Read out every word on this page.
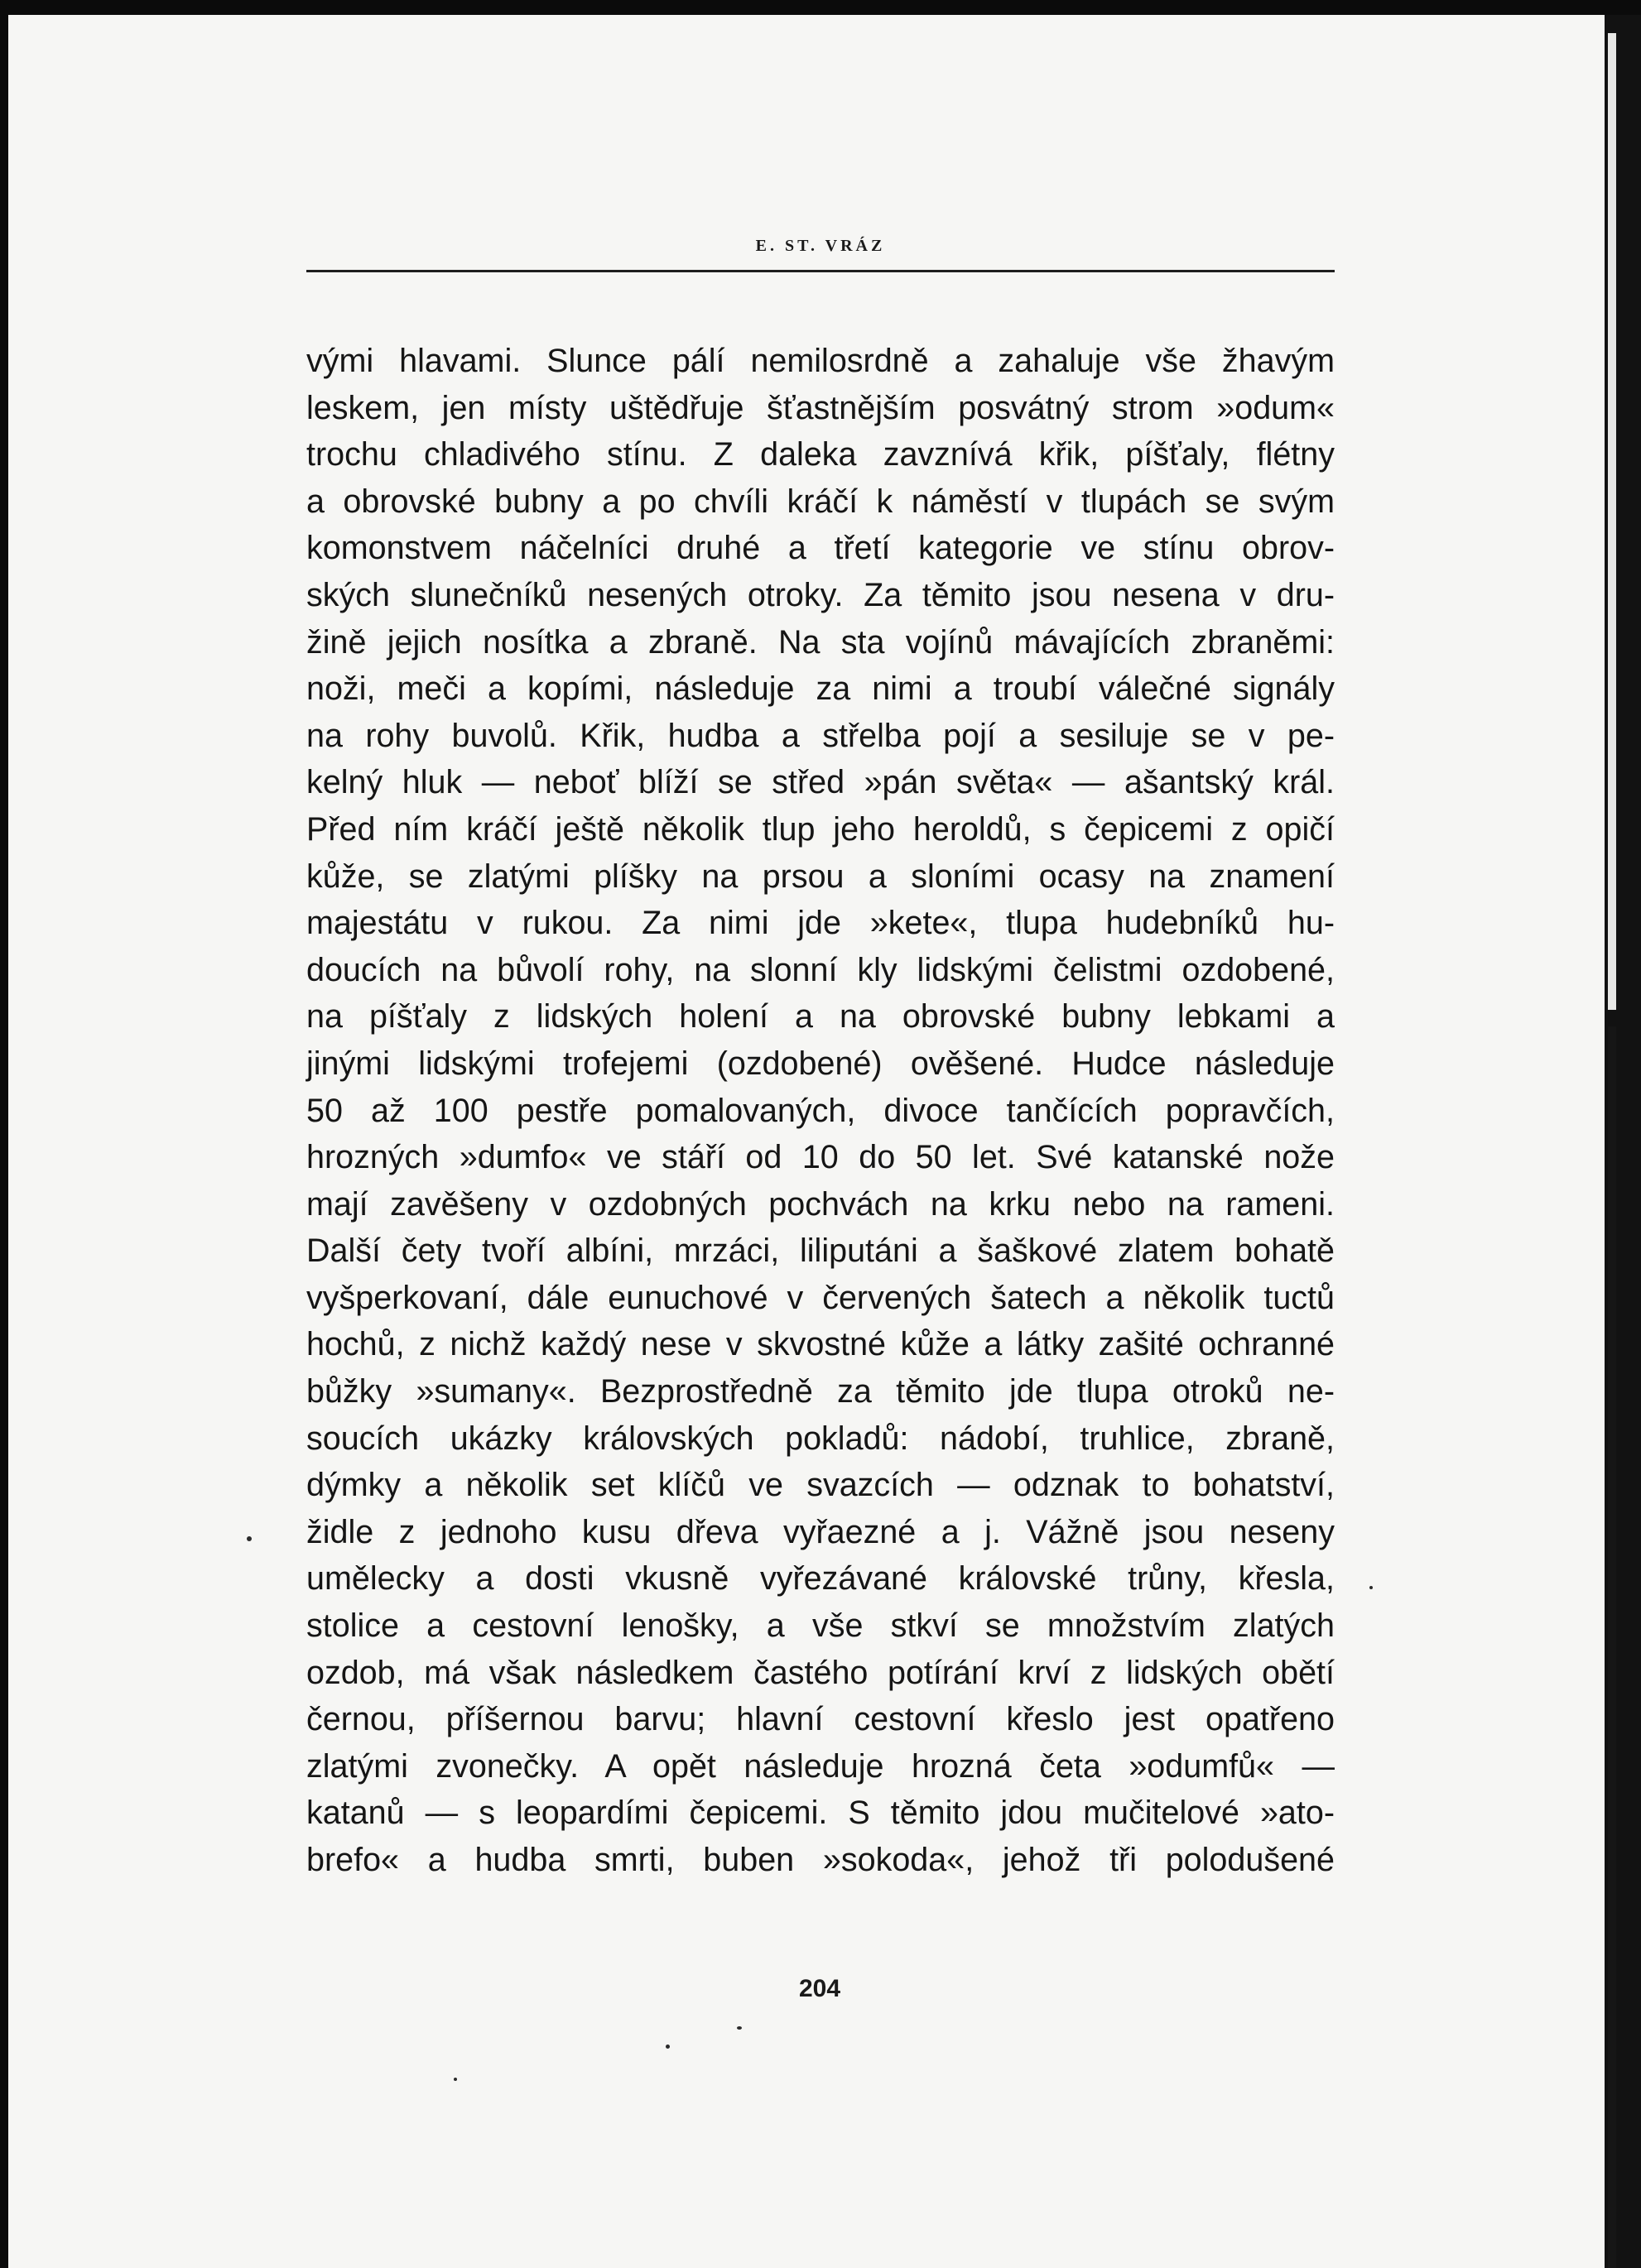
E. ST. VRÁZ
vými hlavami. Slunce pálí nemilosrdně a zahaluje vše žhavým
leskem, jen místy uštědřuje šťastnějším posvátný strom »odum«
trochu chladivého stínu. Z daleka zavznívá křik, píšťaly, flétny
a obrovské bubny a po chvíli kráčí k náměstí v tlupách se svým
komonstvem náčelníci druhé a třetí kategorie ve stínu obrov-
ských slunečníků nesených otroky. Za těmito jsou nesena v dru-
žině jejich nosítka a zbraně. Na sta vojínů mávajících zbraněmi:
noži, meči a kopími, následuje za nimi a troubí válečné signály
na rohy buvolů. Křik, hudba a střelba pojí a sesiluje se v pe-
kelný hluk — neboť blíží se střed »pán světa« — ašantský král.
Před ním kráčí ještě několik tlup jeho heroldů, s čepicemi z opičí
kůže, se zlatými plíšky na prsou a sloními ocasy na znamení
majestátu v rukou. Za nimi jde »kete«, tlupa hudebníků hu-
doucích na bůvolí rohy, na slonní kly lidskými čelistmi ozdobené,
na píšťaly z lidských holení a na obrovské bubny lebkami a
jinými lidskými trofejemi (ozdobené) ověšené. Hudce následuje
50 až 100 pestře pomalovaných, divoce tančících popravčích,
hrozných »dumfo« ve stáří od 10 do 50 let. Své katanské nože
mají zavěšeny v ozdobných pochvách na krku nebo na rameni.
Další čety tvoří albíni, mrzáci, liliputáni a šaškové zlatem bohatě
vyšperkovaní, dále eunuchové v červených šatech a několik tuctů
hochů, z nichž každý nese v skvostné kůže a látky zašité ochranné
bůžky »sumany«. Bezprostředně za těmito jde tlupa otroků ne-
soucích ukázky královských pokladů: nádobí, truhlice, zbraně,
dýmky a několik set klíčů ve svazcích — odznak to bohatství,
židle z jednoho kusu dřeva vyřaezné a j. Vážně jsou neseny
umělecky a dosti vkusně vyřezávané královské trůny, křesla,
stolice a cestovní lenošky, a vše stkví se množstvím zlatých
ozdob, má však následkem častého potírání krví z lidských obětí
černou, příšernou barvu; hlavní cestovní křeslo jest opatřeno
zlatými zvonečky. A opět následuje hrozná četa »odumfů« —
katanů — s leopardími čepicemi. S těmito jdou mučitelové »ato-
brefo« a hudba smrti, buben »sokoda«, jehož tři polodušené
204
